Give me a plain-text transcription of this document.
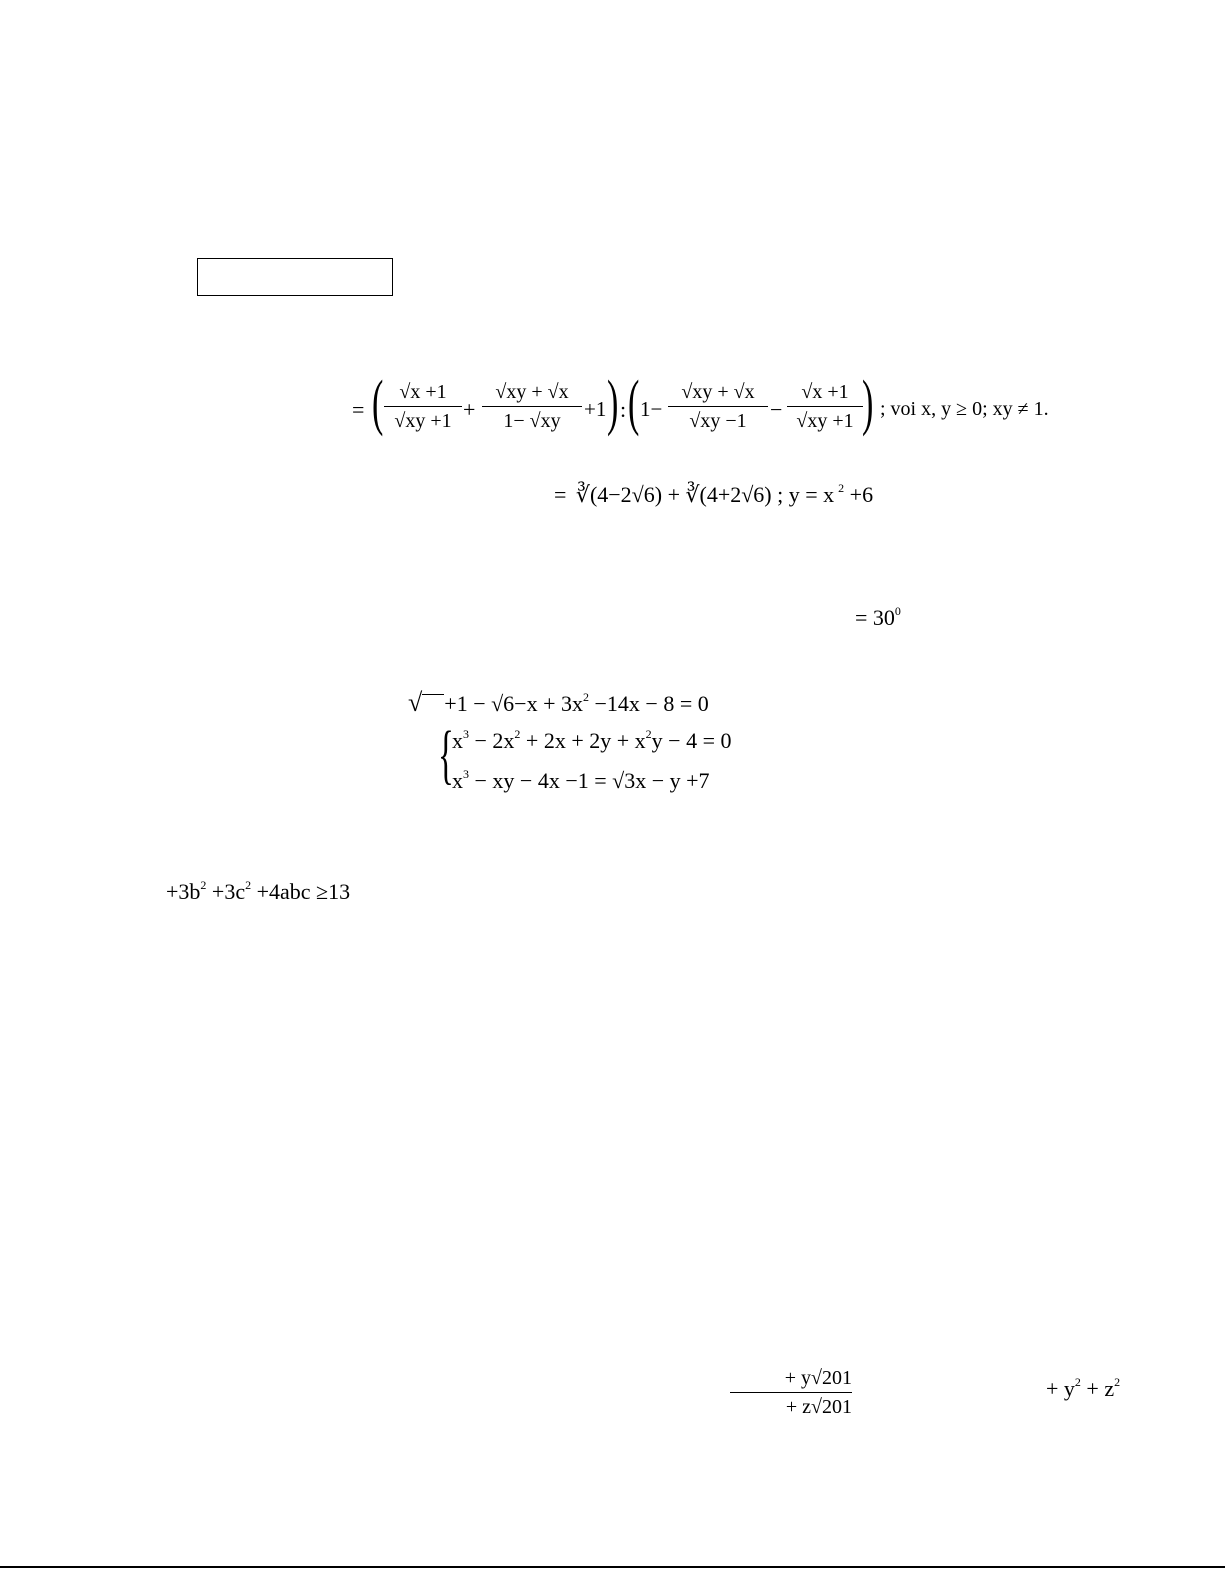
= ( √x +1
√xy +1 +
√xy + √x
1− √xy	+1 ) : ( 1−
√xy + √x
√xy −1	−
√x +1
√xy +1 ) ; voi x, y ≥ 0; xy ≠ 1.
= ∛(4−2√6) + ∛(4+2√6) ; y = x $^2$ +6
= $30^0$
√ $+1 - √6-x + 3x^2 -14x - 8 = 0$
{
$x^3 - 2x^2 + 2x + 2y + x^2y - 4 = 0$
$x^3$ − xy − 4x −1 = √3x − y +7
$+3b^2 +3c^2 +4abc \ge 13$
+ y√201
+ z√201
+ $y^2 + z^2$
